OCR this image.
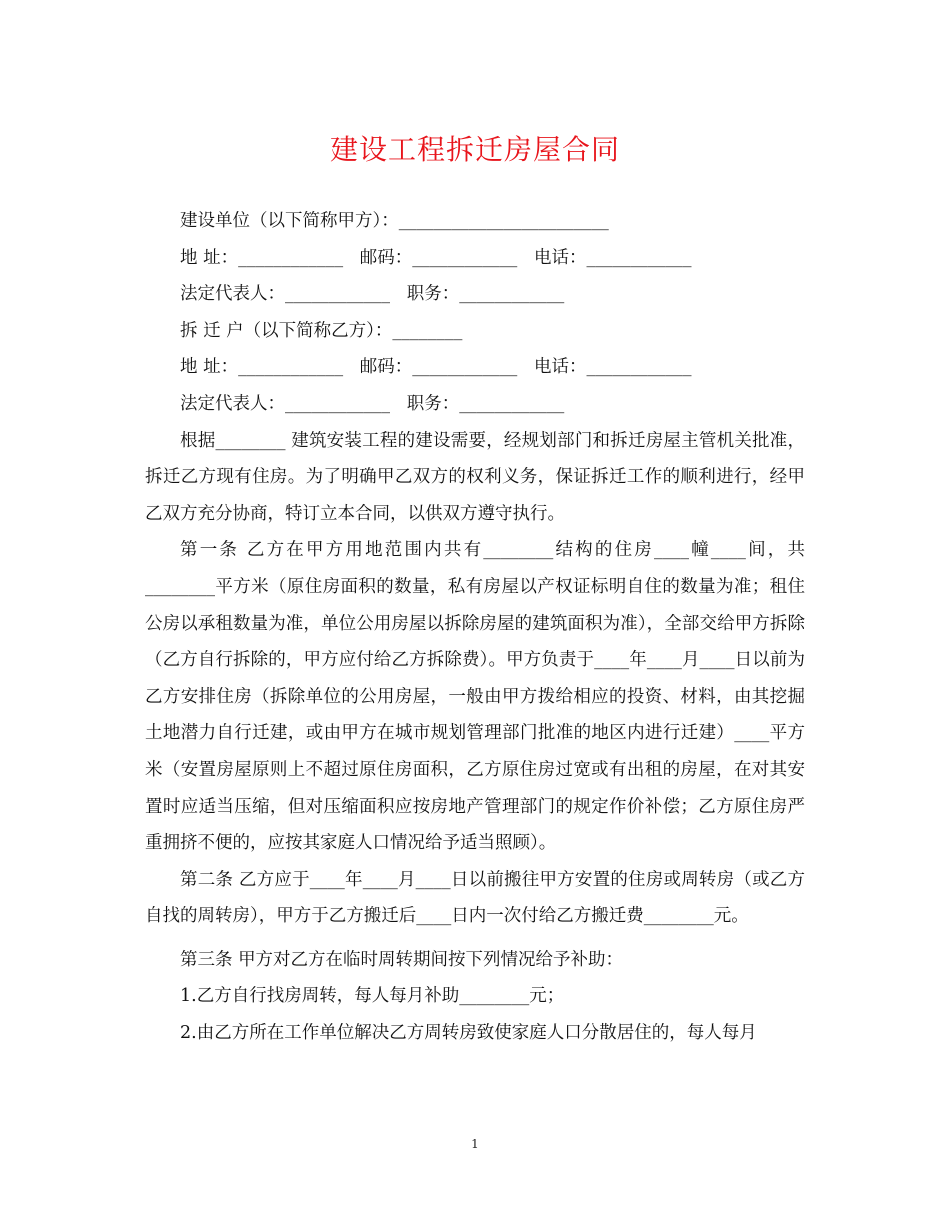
建设工程拆迁房屋合同

建设单位（以下简称甲方）：________________________

地 址：____________   邮码：____________   电话：____________

法定代表人：____________   职务：____________

拆 迁 户（以下简称乙方）：________

地 址：____________   邮码：____________   电话：____________

法定代表人：____________   职务：____________

根据________ 建筑安装工程的建设需要，经规划部门和拆迁房屋主管机关批准，拆迁乙方现有住房。为了明确甲乙双方的权利义务，保证拆迁工作的顺利进行，经甲乙双方充分协商，特订立本合同，以供双方遵守执行。

第一条 乙方在甲方用地范围内共有________结构的住房____幢____间，共________平方米（原住房面积的数量，私有房屋以产权证标明自住的数量为准；租住公房以承租数量为准，单位公用房屋以拆除房屋的建筑面积为准），全部交给甲方拆除（乙方自行拆除的，甲方应付给乙方拆除费）。甲方负责于____年____月____日以前为乙方安排住房（拆除单位的公用房屋，一般由甲方拨给相应的投资、材料，由其挖掘土地潜力自行迁建，或由甲方在城市规划管理部门批准的地区内进行迁建）____平方米（安置房屋原则上不超过原住房面积，乙方原住房过宽或有出租的房屋，在对其安置时应适当压缩，但对压缩面积应按房地产管理部门的规定作价补偿；乙方原住房严重拥挤不便的，应按其家庭人口情况给予适当照顾）。

第二条 乙方应于____年____月____日以前搬往甲方安置的住房或周转房（或乙方自找的周转房），甲方于乙方搬迁后____日内一次付给乙方搬迁费________元。

第三条 甲方对乙方在临时周转期间按下列情况给予补助：

1.乙方自行找房周转，每人每月补助________元；

2.由乙方所在工作单位解决乙方周转房致使家庭人口分散居住的，每人每月

1
